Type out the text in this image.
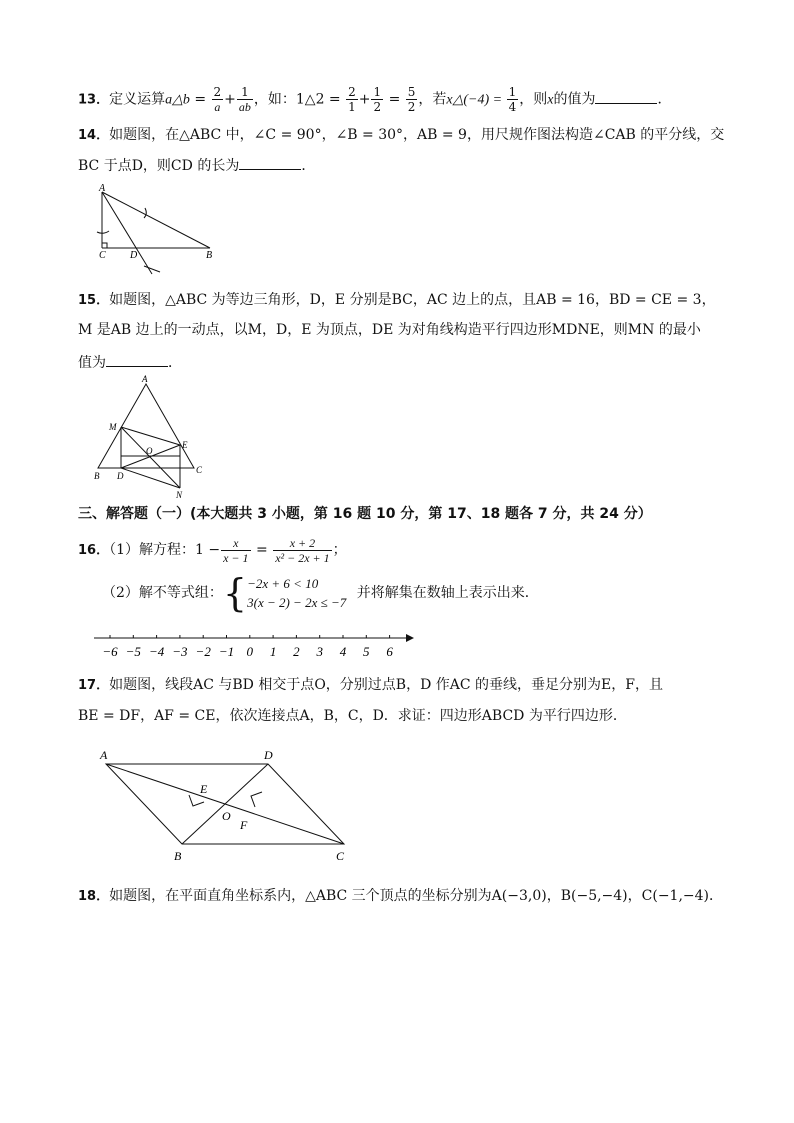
13．定义运算a△b = $\frac{2}{a} + \frac{1}{ab}$ ，如：1△2 = $\frac{2}{1} + \frac{1}{2} = \frac{5}{2}$ ，若x△(−4) = $\frac{1}{4}$ ，则x的值为	．
14．如题图，在△ABC 中，∠C = 90°，∠B = 30°，AB = 9，用尺规作图法构造∠CAB 的平分线，交
BC 于点D，则CD 的长为	．
A
C D	B
15．如题图，△ABC 为等边三角形，D，E 分别是BC，AC 边上的点，且AB = 16，BD = CE = 3，
M 是AB 边上的一动点，以M，D，E 为顶点，DE 为对角线构造平行四边形MDNE，则MN 的最小
值为	．
A
M
E
O
B D
C
N
三、解答题（一）(本大题共 3 小题，第 16 题 10 分，第 17、18 题各 7 分，共 24 分）
16．（1）解方程：$1 - \frac{x}{x - 1} = \frac{x + 2}{\text{x² − 2x + 1}}$ ；
（2）解不等式组：{ −2x + 6 < 10
3(x − 2) − 2x ≤ −7
并将解集在数轴上表示出来．
−6 −5 −4 −3 −2 −1 0 1 2 3 4 5 6
17．如题图，线段AC 与BD 相交于点O，分别过点B，D 作AC 的垂线，垂足分别为E，F，且
BE = DF，AF = CE，依次连接点A，B，C，D．求证：四边形ABCD 为平行四边形．
A	D
E
O
F
B	C
18．如题图，在平面直角坐标系内，△ABC 三个顶点的坐标分别为A(−3,0)，B(−5,−4)，C(−1,−4)．
